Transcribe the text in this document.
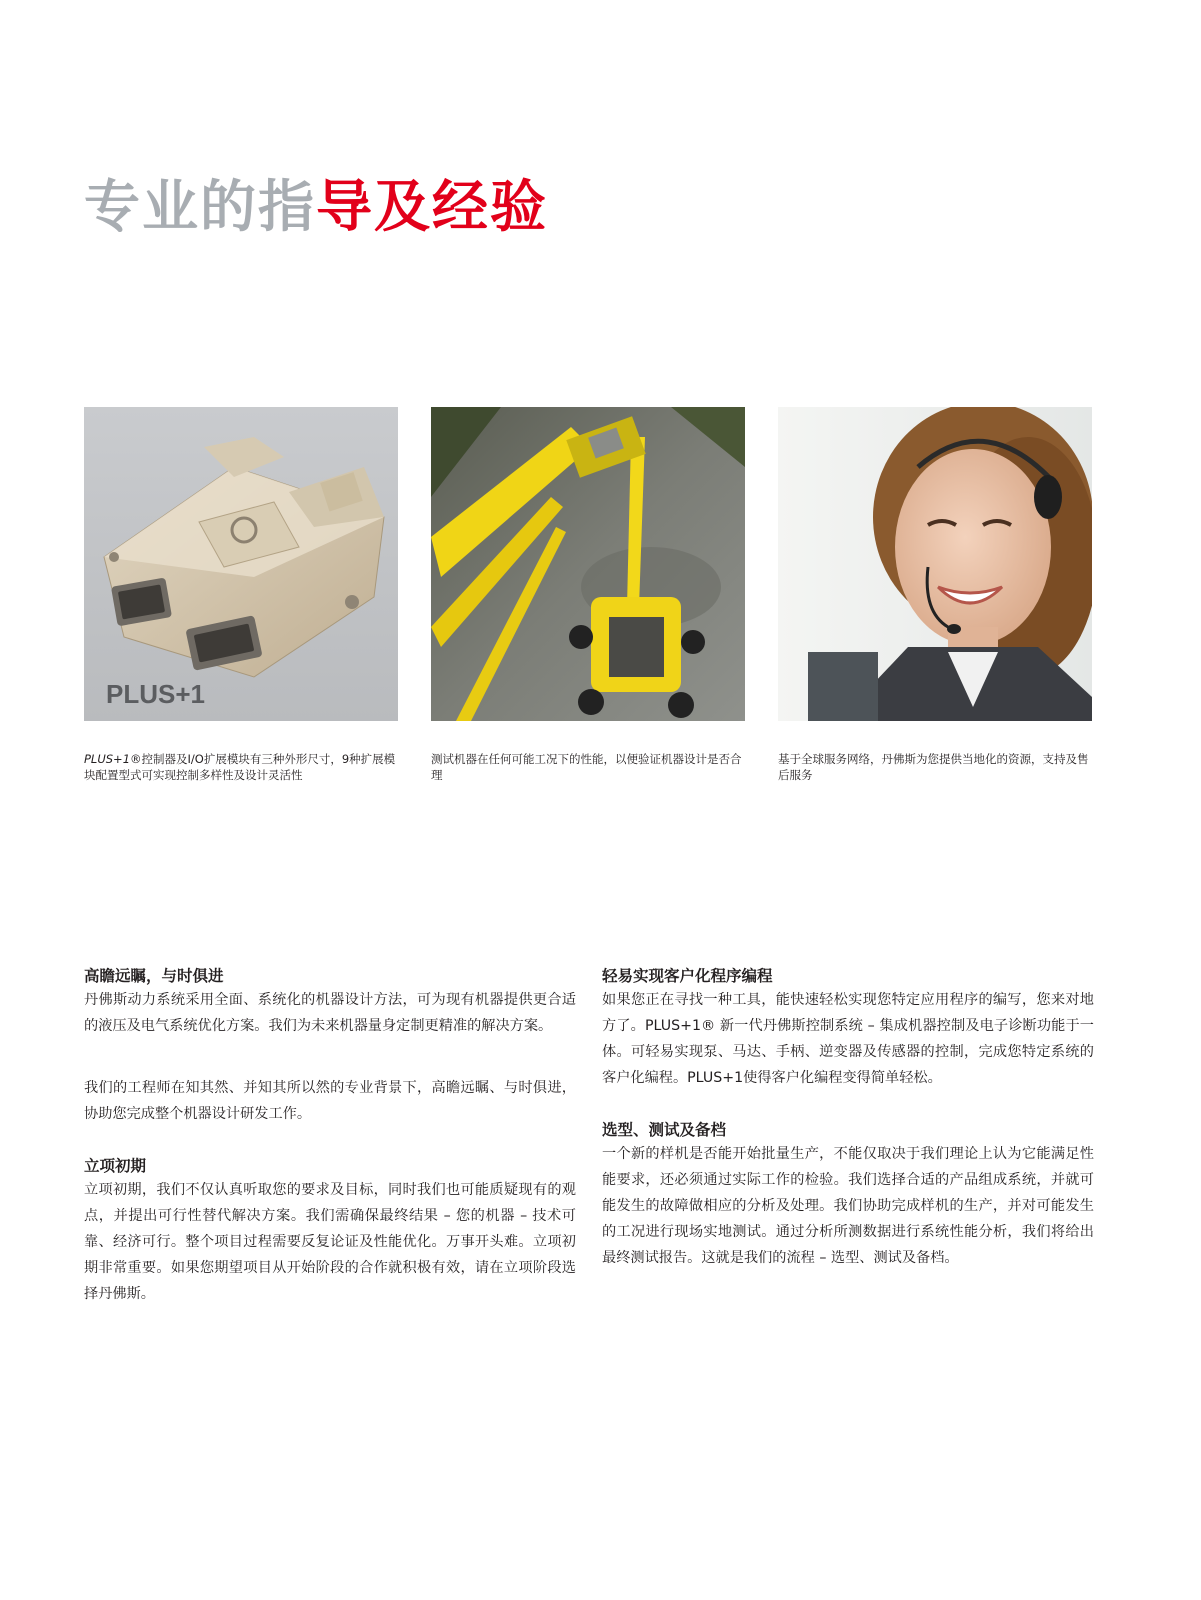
专业的指导及经验
PLUS+1

PLUS+1®控制器及I/O扩展模块有三种外形尺寸，9种扩展模块配置型式可实现控制多样性及设计灵活性

测试机器在任何可能工况下的性能，以便验证机器设计是否合理

基于全球服务网络，丹佛斯为您提供当地化的资源，支持及售后服务

高瞻远瞩，与时俱进

丹佛斯动力系统采用全面、系统化的机器设计方法，可为现有机器提供更合适的液压及电气系统优化方案。我们为未来机器量身定制更精准的解决方案。

我们的工程师在知其然、并知其所以然的专业背景下，高瞻远瞩、与时俱进，协助您完成整个机器设计研发工作。

立项初期

立项初期，我们不仅认真听取您的要求及目标，同时我们也可能质疑现有的观点，并提出可行性替代解决方案。我们需确保最终结果 – 您的机器 – 技术可靠、经济可行。整个项目过程需要反复论证及性能优化。万事开头难。立项初期非常重要。如果您期望项目从开始阶段的合作就积极有效，请在立项阶段选择丹佛斯。

轻易实现客户化程序编程

如果您正在寻找一种工具，能快速轻松实现您特定应用程序的编写，您来对地方了。PLUS+1® 新一代丹佛斯控制系统 – 集成机器控制及电子诊断功能于一体。可轻易实现泵、马达、手柄、逆变器及传感器的控制，完成您特定系统的客户化编程。PLUS+1使得客户化编程变得简单轻松。

选型、测试及备档

一个新的样机是否能开始批量生产，不能仅取决于我们理论上认为它能满足性能要求，还必须通过实际工作的检验。我们选择合适的产品组成系统，并就可能发生的故障做相应的分析及处理。我们协助完成样机的生产，并对可能发生的工况进行现场实地测试。通过分析所测数据进行系统性能分析，我们将给出最终测试报告。这就是我们的流程 – 选型、测试及备档。
